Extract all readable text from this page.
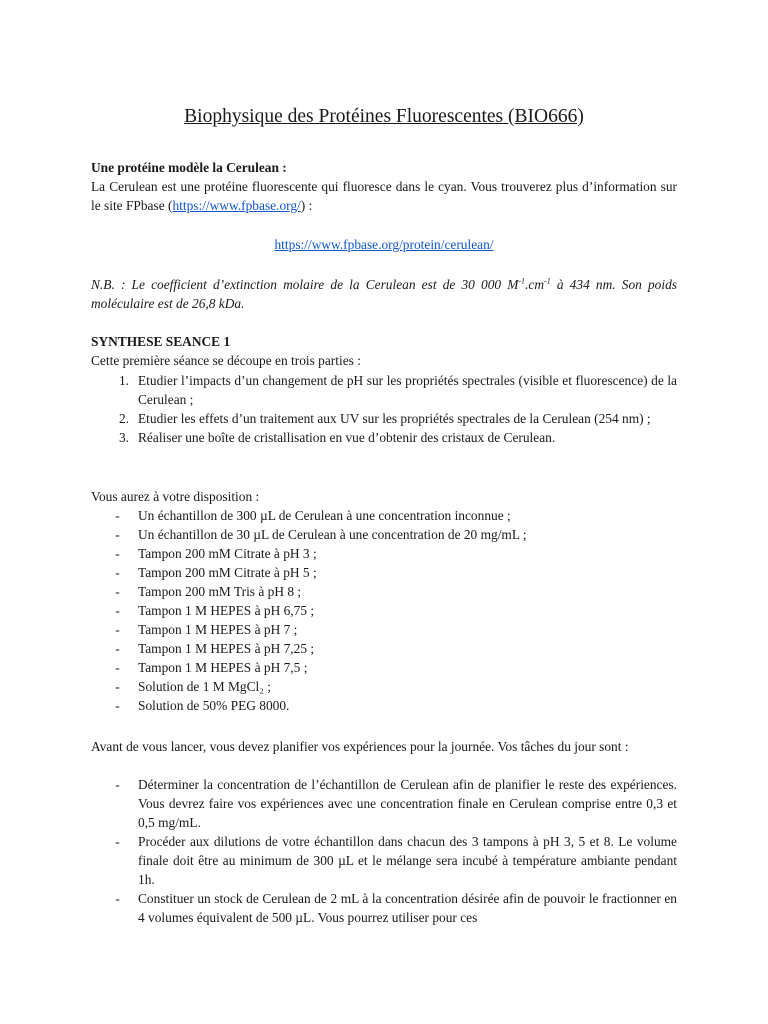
Biophysique des Protéines Fluorescentes (BIO666)
Une protéine modèle la Cerulean :
La Cerulean est une protéine fluorescente qui fluoresce dans le cyan. Vous trouverez plus d’information sur le site FPbase (https://www.fpbase.org/) :
https://www.fpbase.org/protein/cerulean/
N.B. : Le coefficient d’extinction molaire de la Cerulean est de 30 000 $M^{-1}.cm^{-1}$ à 434 nm. Son poids moléculaire est de 26,8 kDa.
SYNTHESE SEANCE 1
Cette première séance se découpe en trois parties :
1. Etudier l’impacts d’un changement de pH sur les propriétés spectrales (visible et fluorescence) de la Cerulean ;
2. Etudier les effets d’un traitement aux UV sur les propriétés spectrales de la Cerulean (254 nm) ;
3. Réaliser une boîte de cristallisation en vue d’obtenir des cristaux de Cerulean.
Vous aurez à votre disposition :
-	Un échantillon de 300 µL de Cerulean à une concentration inconnue ;
-	Un échantillon de 30 µL de Cerulean à une concentration de 20 mg/mL ;
-	Tampon 200 mM Citrate à pH 3 ;
-	Tampon 200 mM Citrate à pH 5 ;
-	Tampon 200 mM Tris à pH 8 ;
-	Tampon 1 M HEPES à pH 6,75 ;
-	Tampon 1 M HEPES à pH 7 ;
-	Tampon 1 M HEPES à pH 7,25 ;
-	Tampon 1 M HEPES à pH 7,5 ;
-	Solution de 1 M MgCl₂ ;
-	Solution de 50% PEG 8000.
Avant de vous lancer, vous devez planifier vos expériences pour la journée. Vos tâches du jour sont :
-	Déterminer la concentration de l’échantillon de Cerulean afin de planifier le reste des expériences. Vous devrez faire vos expériences avec une concentration finale en Cerulean comprise entre 0,3 et 0,5 mg/mL.
-	Procéder aux dilutions de votre échantillon dans chacun des 3 tampons à pH 3, 5 et 8. Le volume finale doit être au minimum de 300 µL et le mélange sera incubé à température ambiante pendant 1h.
-	Constituer un stock de Cerulean de 2 mL à la concentration désirée afin de pouvoir le fractionner en 4 volumes équivalent de 500 µL. Vous pourrez utiliser pour ces
